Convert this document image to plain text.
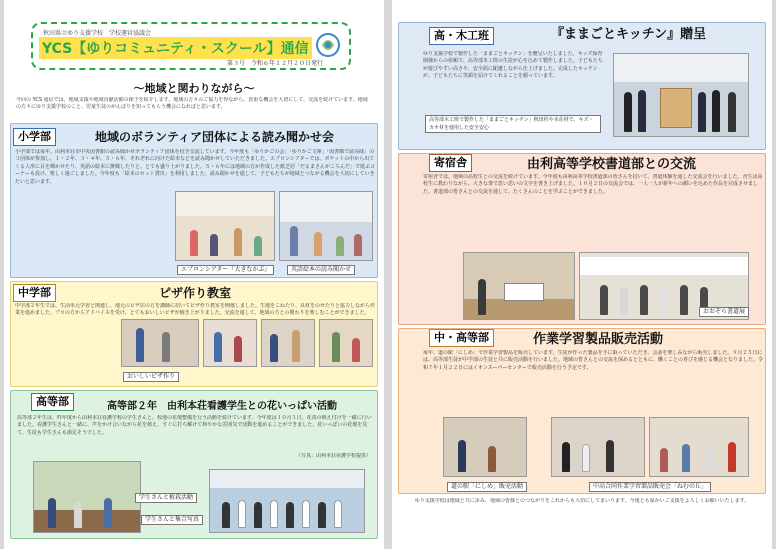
秋田県立ゆり支援学校　学校運営協議会
YCS【ゆりコミュニティ・スクール】通信
第３号　令和６年１２月２０日発行
～地域と関わりながら～
今回の YCS 通信では、地域支援や地域貢献活動の様子を紹介します。地域の方々のご協力を得ながら、貴重な機会を大切にして、交流を続けています。地域の方々にゆり支援学校のこと、児童生徒のがんばりを知ってもらう機会になればと思います。
小学部	地域のボランティア団体による読み聞かせ会
小学部では毎年、由利本荘市中央図書館の読み聞かせボランティア団体を招き交流しています。今年度も「ゆりかごの会」「ゆりかご文庫」「図書館で読み隊」の３団体が参加し、１・２年、３・４年、５・６年、それぞれに向けた絵本などを読み聞かせしていただきました。エプロンシアターでは、ポケットの中から出てくる人形に目を輝かせたり、英語の絵本に挑戦したりと、とても盛り上がりました。５・６年には地域の方が作成した紙芝居「だるまさんがころんだ」で遊ぶコーナーも設け、楽しく過ごしました。今年度も「絵本のセット貸出」を利用しました。読み聞かせを通して、子どもたちが地域とつながる機会を大切にしていきたいと思います。
エプロンシアター『大きなかぶ』	英語絵本の読み聞かせ
中学部	ピザ作り教室
中学部２年生では、生活単元学習と関連し、地元のピザ店の方を講師に招いてピザ作り教室を開催しました。生地をこねたり、具材をのせたりと協力しながら作業を進めました。プロの方からアドバイスを受け、とてもおいしいピザが焼き上がりました。交流を通して、地域の方との関わりを楽しむことができました。
おいしいピザ作り
高等部	高等部２年　由利本荘看護学生との花いっぱい活動
高等部２年生は、昨年度から由利本荘看護学校の学生さんと、校地の花壇整備を行う活動を続けています。今年度は１０月１日、花苗の植え付けを一緒に行いました。看護学生さんと一緒に、声をかけ合いながら花を植え、すぐに打ち解けて和やかな雰囲気で活動を進めることができました。花いっぱいの花壇を見て、生徒も学生さんも満足そうでした。
（写真：由利本荘看護学校提供）
学生さんと植栽活動
学生さんと集合写真
高・木工班	『ままごとキッチン』贈呈
ゆり支援学校で製作した「ままごとキッチン」を贈呈いたしました。キッズ保育園様からの依頼で、高等部木工班の生徒が心を込めて製作しました。子どもたちが遊びやすい高さや、安全面に配慮しながら仕上げました。完成したキッチンが、子どもたちに笑顔を届けてくれることを願っています。
高等部木工班で製作した「ままごとキッチン」秋田杉や本荘材で、キズ・カオ材を使用した安全安心
寄宿舎	由利高等学校書道部との交流
寄宿舎では、地域の高校生との交流を続けています。今年度も由利高等学校書道部の皆さんを招いて、書道体験を通した交流会を行いました。舎生は高校生に教わりながら、大きな筆で思い思いの文字を書き上げました。１０月２日の交流会では、一人一人が新年への願いを込めた作品を完成させました。書道部の皆さんとの交流を通して、たくさんのことを学ぶことができました。
おおぞら書道展
中・高等部	作業学習製品販売活動
毎年、道の駅「にしめ」で作業学習製品を販売しています。生徒が作った製品を手に取っていただき、会話を楽しみながら販売しました。９月２５日には、高等部生徒が中学部の生徒と共に販売活動を行いました。地域の皆さんとの交流を深めるとともに、働くことの喜びを感じる機会となりました。令和７年１月２２日にはイオンスーパーセンターで販売活動を行う予定です。
道の駅「にしめ」販売活動	中高合同作業学習製品販売会「ねむの丘」
ゆり支援学校は地域と共に歩み、地域の皆様とのつながりをこれからも大切にしてまいります。今後とも温かいご支援をよろしくお願いいたします。
